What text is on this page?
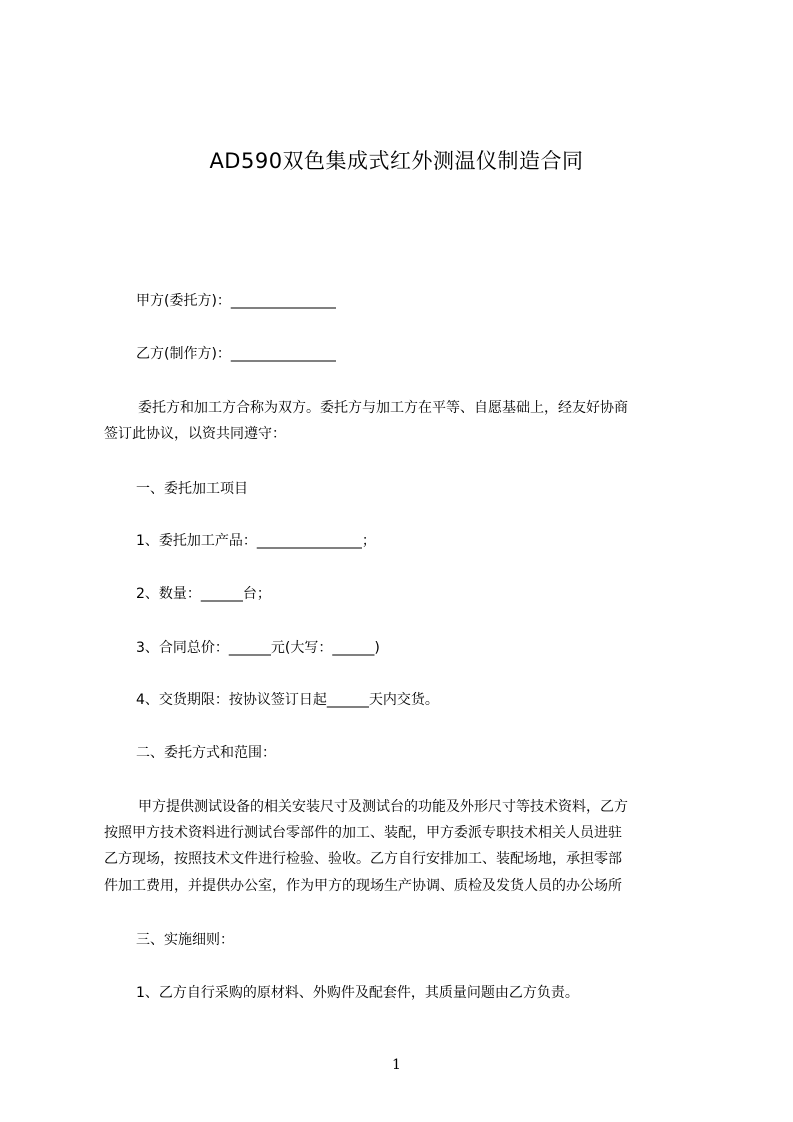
AD590双色集成式红外测温仪制造合同
甲方(委托方)：_______________
乙方(制作方)：_______________
委托方和加工方合称为双方。委托方与加工方在平等、自愿基础上，经友好协商
签订此协议，以资共同遵守：
一、委托加工项目
1、委托加工产品：_______________；
2、数量：______台；
3、合同总价：______元(大写：______)
4、交货期限：按协议签订日起______天内交货。
二、委托方式和范围：
甲方提供测试设备的相关安装尺寸及测试台的功能及外形尺寸等技术资料，乙方
按照甲方技术资料进行测试台零部件的加工、装配，甲方委派专职技术相关人员进驻
乙方现场，按照技术文件进行检验、验收。乙方自行安排加工、装配场地，承担零部
件加工费用，并提供办公室，作为甲方的现场生产协调、质检及发货人员的办公场所
三、实施细则：
1、乙方自行采购的原材料、外购件及配套件，其质量问题由乙方负责。
1
